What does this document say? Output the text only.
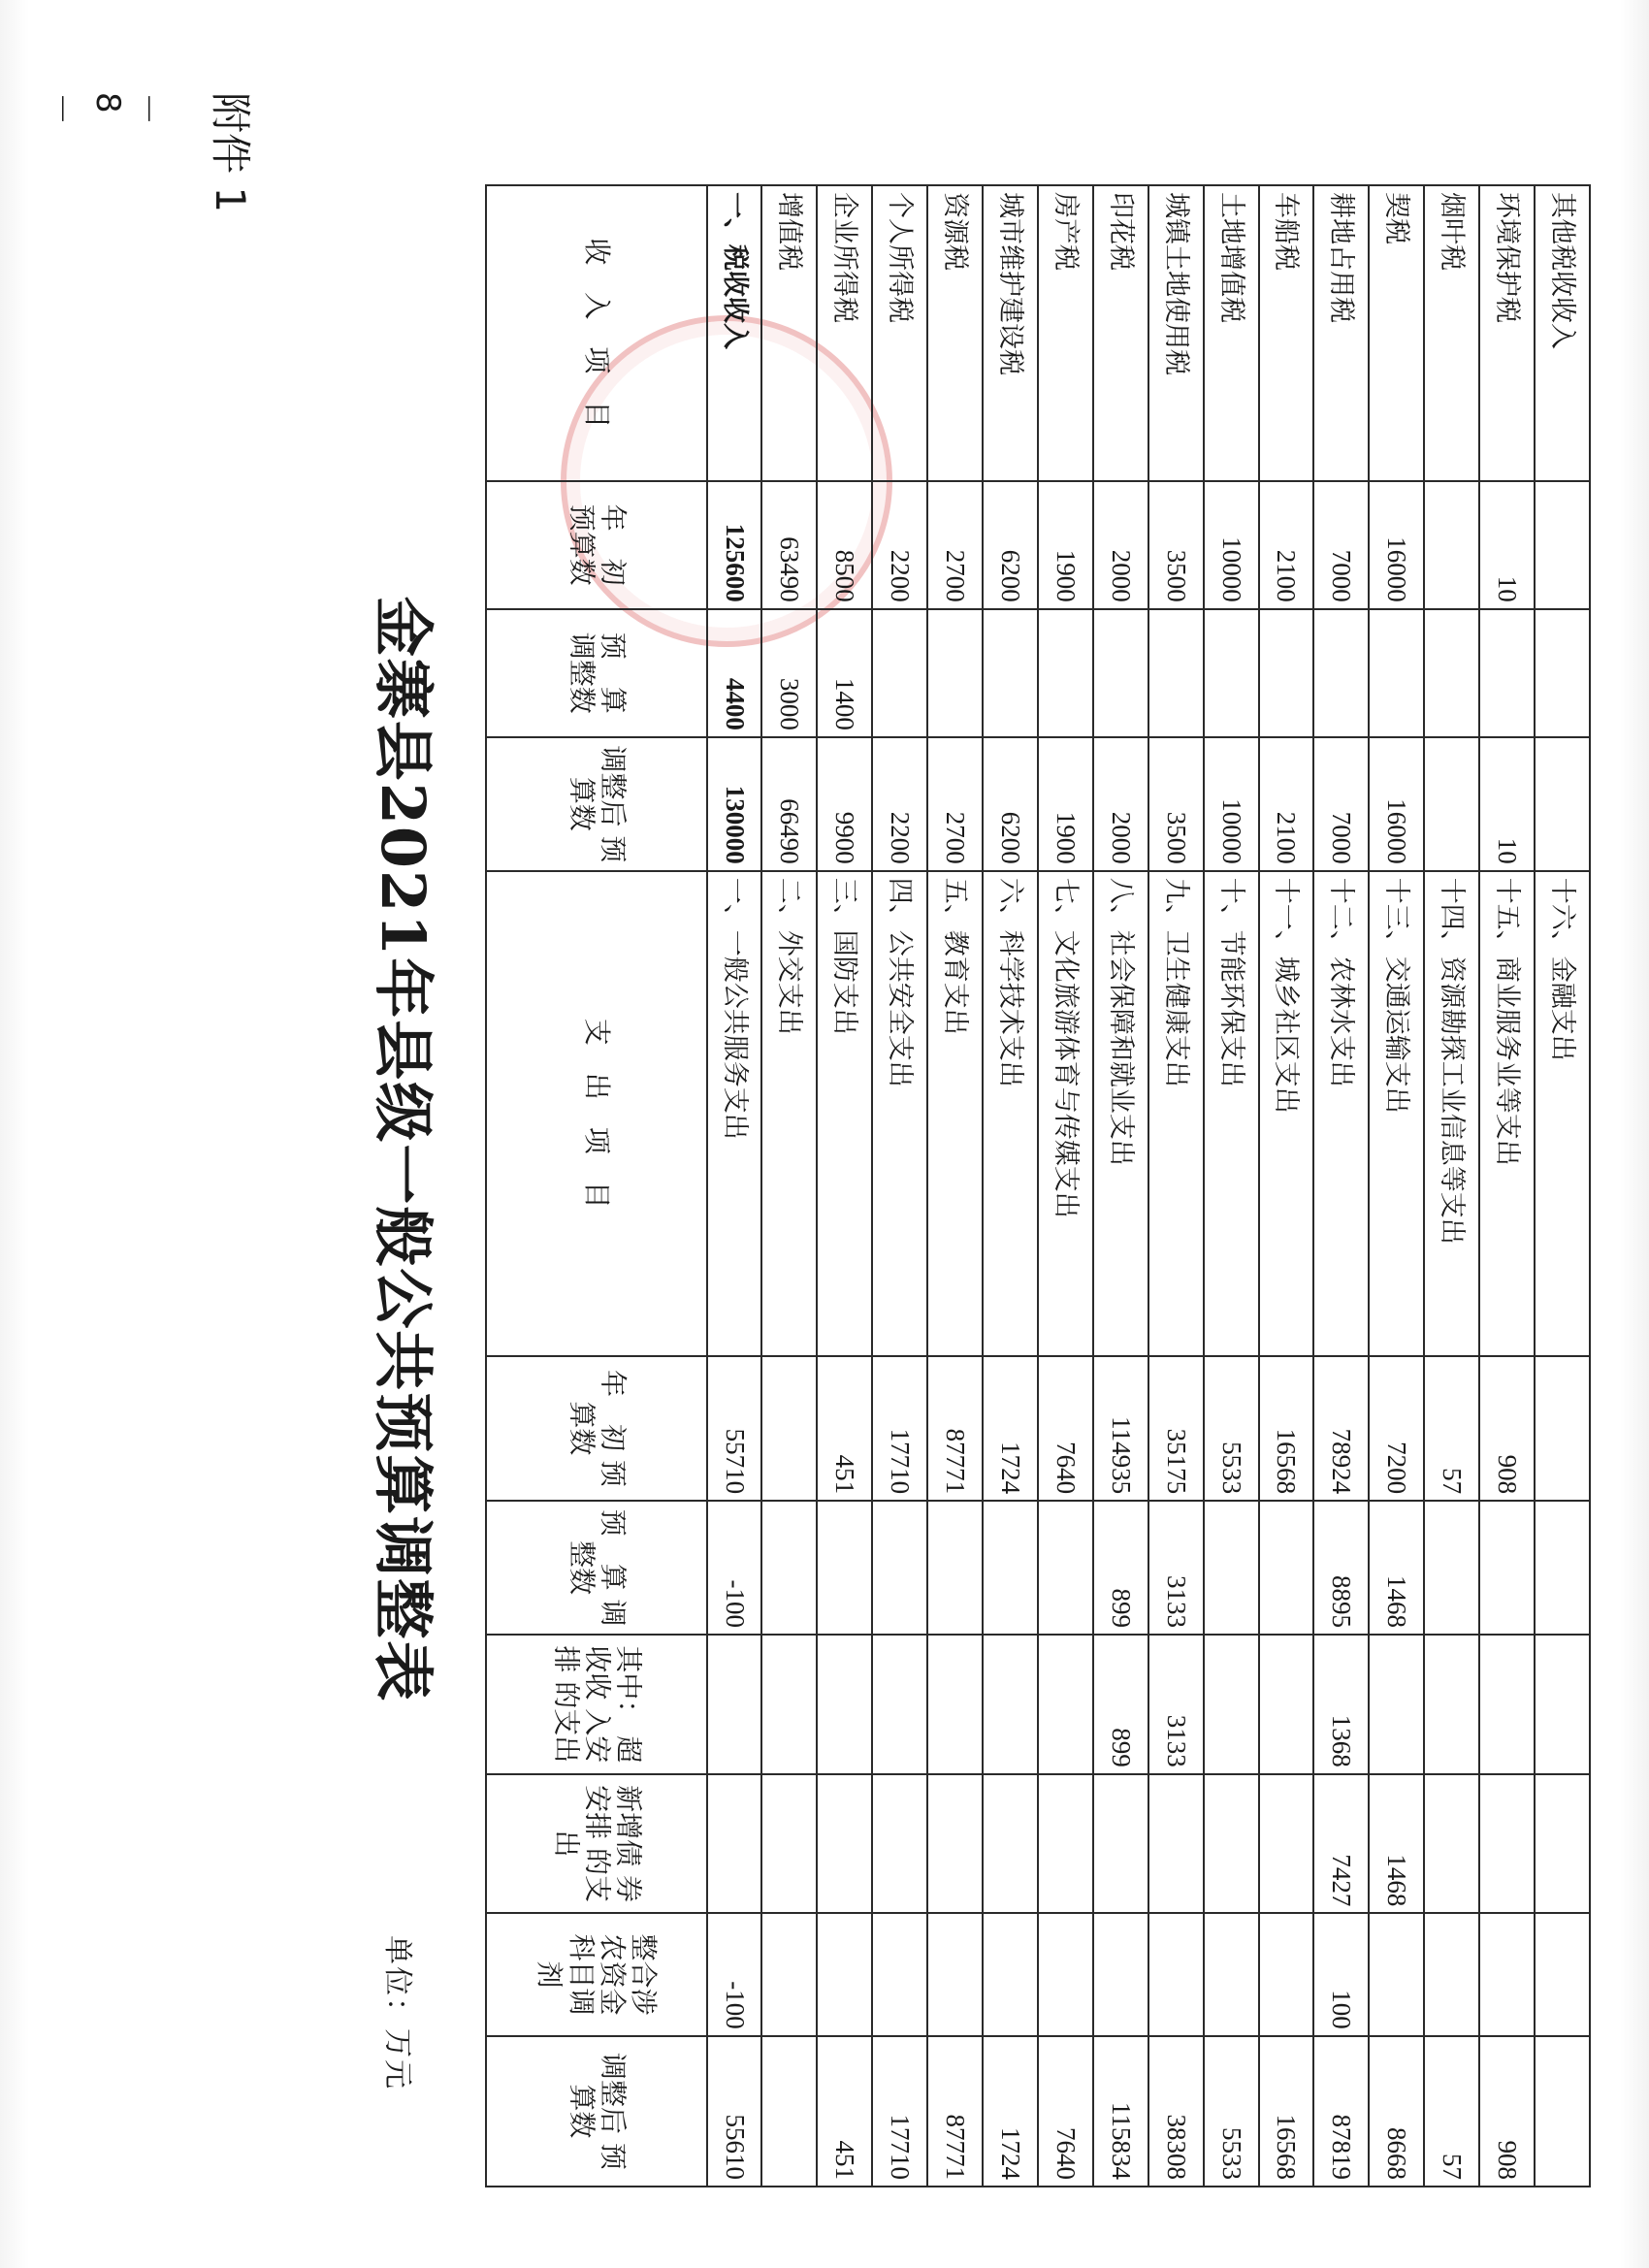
收　入　项　目	年　初 预算数	预　算 调整数	调整后 预算数	支　出　项　目	年　初 预算数	预　算 调整数	其中： 超收收 入安排 的支出	新增债 券安排 的支出	整合涉 农资金 科目调 剂	调整后 预算数
一、税收收入	125600	4400	130000	一、一般公共服务支出	55710	-100			-100	55610
增值税	63490	3000	66490	二、外交支出						
企业所得税	8500	1400	9900	三、国防支出	451					451
个人所得税	2200		2200	四、公共安全支出	17710					17710
资源税	2700		2700	五、教育支出	87771					87771
城市维护建设税	6200		6200	六、科学技术支出	1724					1724
房产税	1900		1900	七、文化旅游体育与传媒支出	7640					7640
印花税	2000		2000	八、社会保障和就业支出	114935	899	899			115834
城镇土地使用税	3500		3500	九、卫生健康支出	35175	3133	3133			38308
土地增值税	10000		10000	十、节能环保支出	5533					5533
车船税	2100		2100	十一、城乡社区支出	16568					16568
耕地占用税	7000		7000	十二、农林水支出	78924	8895	1368	7427	100	87819
契税	16000		16000	十三、交通运输支出	7200	1468		1468		8668
烟叶税				十四、资源勘探工业信息等支出	57					57
环境保护税	10		10	十五、商业服务业等支出	908					908
其他税收收入				十六、金融支出						
金寨县2021年县级一般公共预算调整表
单位：万元
附件 1
－ 8 －
